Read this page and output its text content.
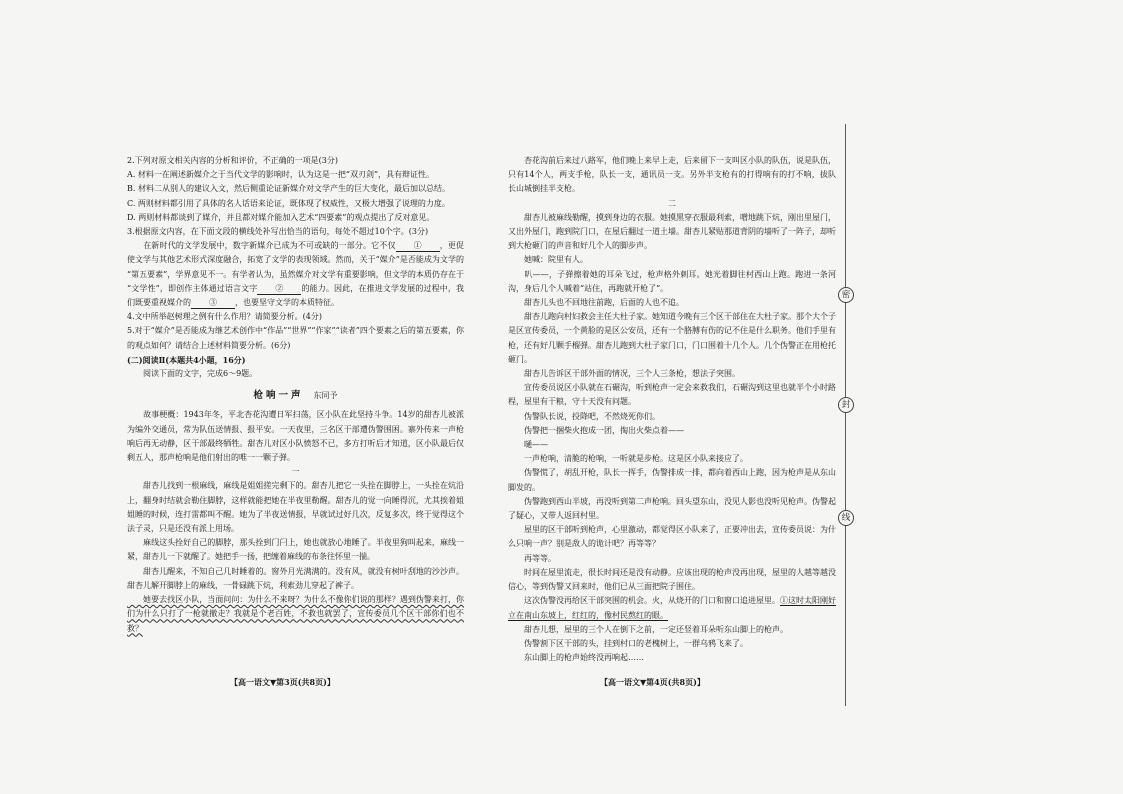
2.下列对原文相关内容的分析和评价，不正确的一项是(3分)

A. 材料一在阐述新媒介之于当代文学的影响时，认为这是一把“双刃剑”，具有辩证性。

B. 材料二从别人的建议入文，然后侧重论证新媒介对文学产生的巨大变化，最后加以总结。

C. 两则材料都引用了具体的名人话语来论证，既体现了权威性，又极大增强了说理的力度。

D. 两则材料都谈到了媒介，并且都对媒介能加入艺术“四要素”的观点提出了反对意见。

3.根据原文内容，在下面文段的横线处补写出恰当的语句，每处不超过10个字。(3分)

　　在新时代的文学发展中，数字新媒介已成为不可或缺的一部分。它不仅 ① ，更促使文学与其他艺术形式深度融合，拓宽了文学的表现领域。然而，关于“媒介”是否能成为文学的“第五要素”，学界意见不一。有学者认为，虽然媒介对文学有重要影响，但文学的本质仍存在于“文学性”，即创作主体通过语言文字 ② 的能力。因此，在推进文学发展的过程中，我们既要重视媒介的 ③ ，也要坚守文学的本质特征。

4.文中所举赵树理之例有什么作用？请简要分析。(4分)

5.对于“媒介”是否能成为继艺术创作中“作品”“世界”“作家”“读者”四个要素之后的第五要素，你的观点如何？请结合上述材料简要分析。(6分)

(二)阅读Ⅱ(本题共4小题，16分)

　　阅读下面的文字，完成6～9题。

枪响一声 东同予

　　故事梗概：1943年冬，平北杏花沟遭日军扫荡，区小队在此坚持斗争。14岁的甜杏儿被派为编外交通员，常为队伍送情报、报平安。一天夜里，三名区干部遭伪警围困。寨外传来一声枪响后再无动静，区干部最终牺牲。甜杏儿对区小队愤怒不已，多方打听后才知道，区小队最后仅剩五人，那声枪响是他们射出的唯一一颗子弹。

一

　　甜杏儿找到一根麻线，麻线是姐姐搓完剩下的。甜杏儿把它一头拴在脚脖上，一头拴在炕沿上，翻身时结就会勒住脚脖，这样就能把她在半夜里勒醒。甜杏儿的觉一向睡得沉，尤其挨着姐姐睡的时候，连打雷都叫不醒。她为了半夜送情报，早就试过好几次，反复多次，终于觉得这个法子灵，只是还没有派上用场。

　　麻线这头拴好自己的脚脖，那头拴到门闩上，她也就放心地睡了。半夜里狗叫起来，麻线一紧，甜杏儿一下就醒了。她把手一扬，把缠着麻线的布条往怀里一揣。

　　甜杏儿醒来，不知自己几时睡着的。窗外月光满满的。没有风，就没有树叶刮地的沙沙声。甜杏儿解开脚脖上的麻线，一骨碌跳下炕，利索劲儿穿起了裤子。

　　她要去找区小队，当面问问：为什么不来呀？为什么不像你们说的那样？遇到伪警来打，你们为什么只打了一枪就撤走？我就是个老百姓，不救也就罢了，宣传委员几个区干部你们也不救？

【高一语文▼第3页(共8页)】

　　杏花沟前后来过八路军，他们晚上来早上走，后来留下一支叫区小队的队伍，说是队伍，只有14个人，两支手枪，队长一支，通讯员一支。另外半支枪有的打得响有的打不响，拔队长山城倒挂半支枪。

二

　　甜杏儿被麻线勒醒，摸到身边的衣服。她摸黑穿衣服最利索，噌地跳下炕，刚出里屋门，又出外屋门，跑到院门口，在屋后翻过一道土墙。甜杏儿紧贴那道背阴的墙听了一阵子，却听到大枪砸门的声音和好几个人的脚步声。

　　她喊：院里有人。

　　叭——，子弹擦着她的耳朵飞过，枪声格外刺耳。她光着脚往村西山上跑。跑进一条河沟，身后几个人喊着“站住，再跑就开枪了”。

　　甜杏儿头也不回地往前跑，后面的人也不追。

　　甜杏儿跑向村妇救会主任大杜子家。她知道今晚有三个区干部住在大杜子家。那个大个子是区宣传委员，一个黄脸的是区公安员，还有一个胳膊有伤的记不住是什么职务。他们手里有枪，还有好几颗手榴弹。甜杏儿跑到大杜子家门口，门口围着十几个人。几个伪警正在用枪托砸门。

　　甜杏儿告诉区干部外面的情况，三个人三条枪，想法子突围。

　　宣传委员说区小队就在石碾沟，听到枪声一定会来救我们，石碾沟到这里也就半个小时路程，屋里有干粮，守十天没有问题。

　　伪警队长说，投降吧，不然烧死你们。

　　伪警把一捆柴火抱成一团，掏出火柴点着——

　　嗵——

　　一声枪响，清脆的枪响，一听就是步枪。这是区小队来接应了。

　　伪警慌了，胡乱开枪，队长一挥手，伪警排成一排，都向着西山上跑，因为枪声是从东山脚发的。

　　伪警跑到西山半坡，再没听到第二声枪响。回头望东山，没见人影也没听见枪声。伪警起了疑心，又带人返回村里。

　　屋里的区干部听到枪声，心里激动，都觉得区小队来了，正要冲出去，宣传委员说：为什么只响一声？别是敌人的诡计吧？再等等？

　　再等等。

　　时间在屋里流走，很长时间还是没有动静。应该出现的枪声没再出现，屋里的人越等越没信心，等到伪警又回来时，他们已从三面把院子围住。

　　这次伪警没再给区干部突围的机会。火，从烧开的门口和窗口追进屋里。①这时太阳刚好立在南山东坡上，红红的，像村民熬红的眼。

　　甜杏儿想，屋里的三个人在倒下之前，一定还竖着耳朵听东山脚上的枪声。

　　伪警割下区干部的头，挂到村口的老槐树上，一群乌鸦飞来了。

　　东山脚上的枪声始终没再响起……

【高一语文▼第4页(共8页)】
密
封
线
